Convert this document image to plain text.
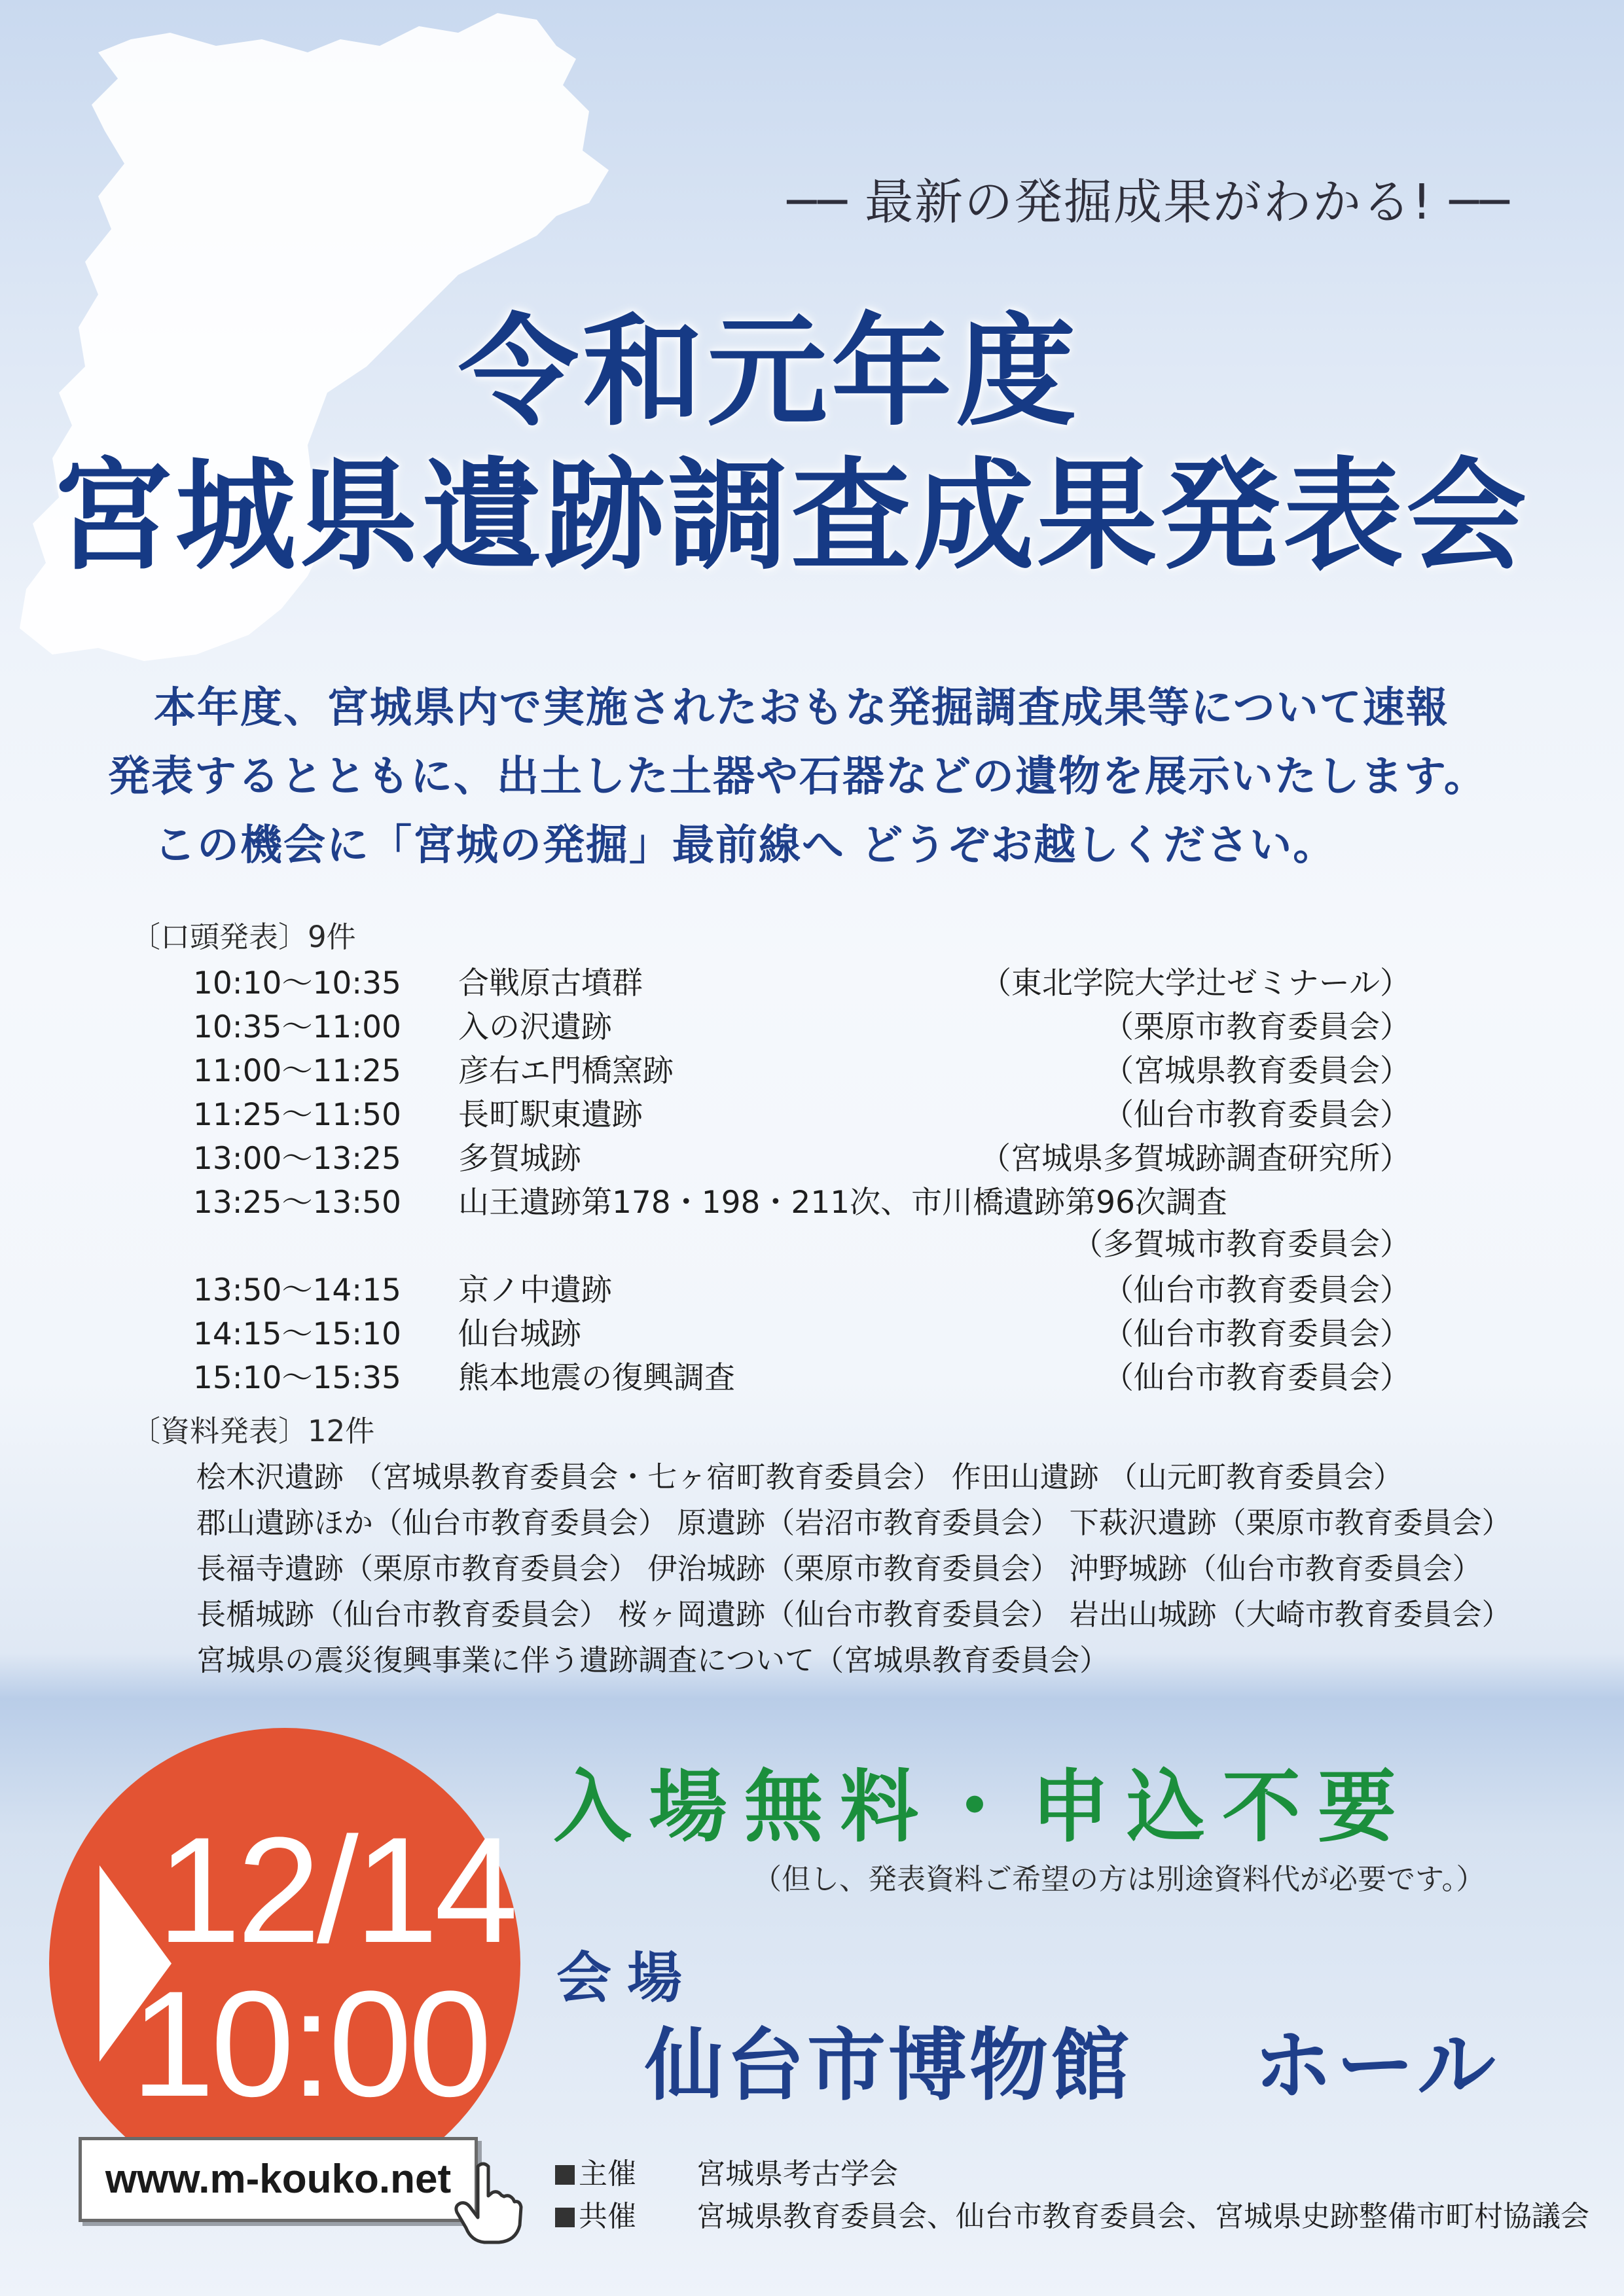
── 最新の発掘成果がわかる! ──
令和元年度
宮城県遺跡調査成果発表会
本年度、宮城県内で実施されたおもな発掘調査成果等について速報
発表するとともに、出土した土器や石器などの遺物を展示いたします。
この機会に「宮城の発掘」最前線へ どうぞお越しください。
〔口頭発表〕9件
10:10〜10:35 合戦原古墳群	（東北学院大学辻ゼミナール）
10:35〜11:00 入の沢遺跡	（栗原市教育委員会）
11:00〜11:25 彦右エ門橋窯跡	（宮城県教育委員会）
11:25〜11:50 長町駅東遺跡	（仙台市教育委員会）
13:00〜13:25 多賀城跡	（宮城県多賀城跡調査研究所）
13:25〜13:50 山王遺跡第178・198・211次、市川橋遺跡第96次調査
（多賀城市教育委員会）
13:50〜14:15 京ノ中遺跡	（仙台市教育委員会）
14:15〜15:10 仙台城跡	（仙台市教育委員会）
15:10〜15:35 熊本地震の復興調査	（仙台市教育委員会）
〔資料発表〕12件
桧木沢遺跡 （宮城県教育委員会・七ヶ宿町教育委員会） 作田山遺跡 （山元町教育委員会）
郡山遺跡ほか（仙台市教育委員会） 原遺跡（岩沼市教育委員会） 下萩沢遺跡（栗原市教育委員会）
長福寺遺跡（栗原市教育委員会） 伊治城跡（栗原市教育委員会） 沖野城跡（仙台市教育委員会）
長楯城跡（仙台市教育委員会） 桜ヶ岡遺跡（仙台市教育委員会） 岩出山城跡（大崎市教育委員会）
宮城県の震災復興事業に伴う遺跡調査について（宮城県教育委員会）
12/14
10:00
www.m-kouko.net
入場無料・申込不要
（但し、発表資料ご希望の方は別途資料代が必要です。）
会場
仙台市博物館 ホール
主催 宮城県考古学会
共催 宮城県教育委員会、仙台市教育委員会、宮城県史跡整備市町村協議会
